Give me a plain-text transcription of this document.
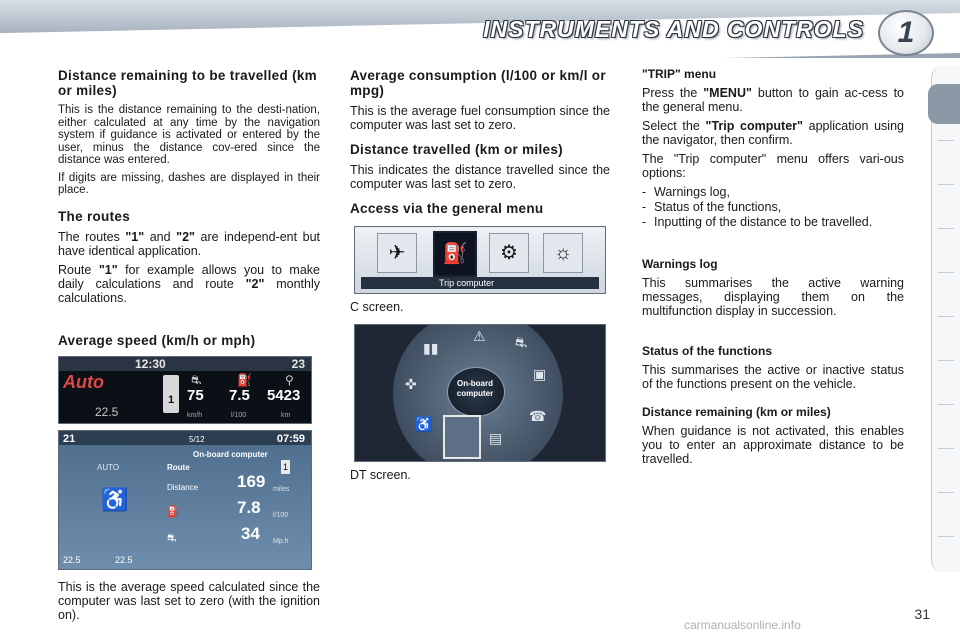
INSTRUMENTS AND CONTROLS	1
Distance remaining to be travelled (km or miles)

This is the distance remaining to the desti-nation, either calculated at any time by the navigation system if guidance is activated or entered by the user, minus the distance cov-ered since the distance was entered.

If digits are missing, dashes are displayed in their place.

The routes

The routes "1" and "2" are independ-ent but have identical application.

Route "1" for example allows you to make daily calculations and route "2" monthly calculations.

Average speed (km/h or mph)
12:30	23
Auto
22.5
1
⛐	⛽	⚲
75
km/h
7.5
l/100
5423
km
21	5/12	07:59
On-board computer
AUTO
♿
Route	1
Distance 169 miles
⛽	7.8 l/100
⛐	34 Mp.h
22.5	22.5

This is the average speed calculated since the computer was last set to zero (with the ignition on).

Average consumption (l/100 or km/l or mpg)

This is the average fuel consumption since the computer was last set to zero.

Distance travelled (km or miles)

This indicates the distance travelled since the computer was last set to zero.

Access via the general menu
✈	⛽	⚙	☼
Trip computer

C screen.

On-board computer
▮▮
⚠ ⛐
✜
▣
☎
♿
▤

DT screen.

"TRIP" menu

Press the "MENU" button to gain ac-cess to the general menu.

Select the "Trip computer" application using the navigator, then confirm.

The "Trip computer" menu offers vari-ous options:

- Warnings log,
- Status of the functions,
- Inputting of the distance to be travelled.
Warnings log

This summarises the active warning messages, displaying them on the multifunction display in succession.

Status of the functions

This summarises the active or inactive status of the functions present on the vehicle.

Distance remaining (km or miles)

When guidance is not activated, this enables you to enter an approximate distance to be travelled.

31
carmanualsonline.info
